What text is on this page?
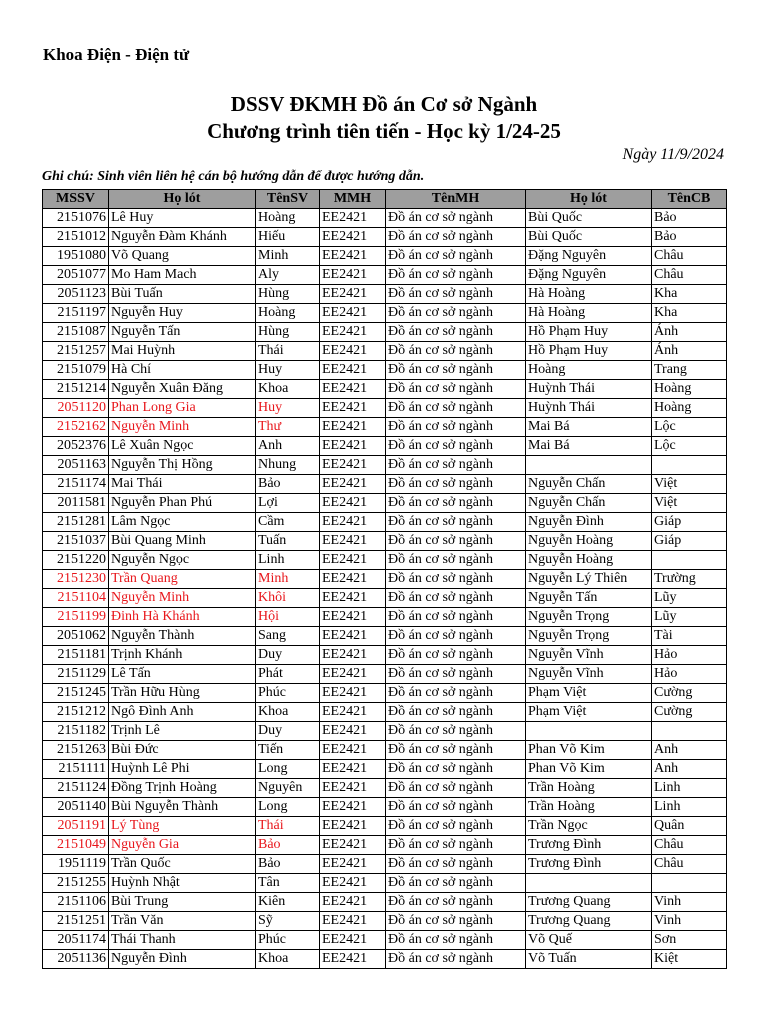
Khoa Điện - Điện tử
DSSV ĐKMH Đồ án Cơ sở Ngành
Chương trình tiên tiến - Học kỳ 1/24-25
Ngày 11/9/2024
Ghi chú: Sinh viên liên hệ cán bộ hướng dẫn để được hướng dẫn.
MSSV	Họ lót	TênSV	MMH	TênMH	Họ lót	TênCB
2151076	Lê Huy	Hoàng	EE2421	Đồ án cơ sở ngành	Bùi Quốc	Bảo
2151012	Nguyễn Đàm Khánh	Hiếu	EE2421	Đồ án cơ sở ngành	Bùi Quốc	Bảo
1951080	Võ Quang	Minh	EE2421	Đồ án cơ sở ngành	Đặng Nguyên	Châu
2051077	Mo Ham Mach	Aly	EE2421	Đồ án cơ sở ngành	Đặng Nguyên	Châu
2051123	Bùi Tuấn	Hùng	EE2421	Đồ án cơ sở ngành	Hà Hoàng	Kha
2151197	Nguyễn Huy	Hoàng	EE2421	Đồ án cơ sở ngành	Hà Hoàng	Kha
2151087	Nguyễn Tấn	Hùng	EE2421	Đồ án cơ sở ngành	Hồ Phạm Huy	Ánh
2151257	Mai Huỳnh	Thái	EE2421	Đồ án cơ sở ngành	Hồ Phạm Huy	Ánh
2151079	Hà Chí	Huy	EE2421	Đồ án cơ sở ngành	Hoàng	Trang
2151214	Nguyễn Xuân Đăng	Khoa	EE2421	Đồ án cơ sở ngành	Huỳnh Thái	Hoàng
2051120	Phan Long Gia	Huy	EE2421	Đồ án cơ sở ngành	Huỳnh Thái	Hoàng
2152162	Nguyễn Minh	Thư	EE2421	Đồ án cơ sở ngành	Mai Bá	Lộc
2052376	Lê Xuân Ngọc	Anh	EE2421	Đồ án cơ sở ngành	Mai Bá	Lộc
2051163	Nguyễn Thị Hồng	Nhung	EE2421	Đồ án cơ sở ngành		
2151174	Mai Thái	Bảo	EE2421	Đồ án cơ sở ngành	Nguyễn Chấn	Việt
2011581	Nguyễn Phan Phú	Lợi	EE2421	Đồ án cơ sở ngành	Nguyễn Chấn	Việt
2151281	Lâm Ngọc	Cầm	EE2421	Đồ án cơ sở ngành	Nguyễn Đình	Giáp
2151037	Bùi Quang Minh	Tuấn	EE2421	Đồ án cơ sở ngành	Nguyễn Hoàng	Giáp
2151220	Nguyễn Ngọc	Linh	EE2421	Đồ án cơ sở ngành	Nguyễn Hoàng	
2151230	Trần Quang	Minh	EE2421	Đồ án cơ sở ngành	Nguyễn Lý Thiên	Trường
2151104	Nguyễn Minh	Khôi	EE2421	Đồ án cơ sở ngành	Nguyễn Tấn	Lũy
2151199	Đinh Hà Khánh	Hội	EE2421	Đồ án cơ sở ngành	Nguyễn Trọng	Lũy
2051062	Nguyễn Thành	Sang	EE2421	Đồ án cơ sở ngành	Nguyễn Trọng	Tài
2151181	Trịnh Khánh	Duy	EE2421	Đồ án cơ sở ngành	Nguyễn Vĩnh	Hảo
2151129	Lê Tấn	Phát	EE2421	Đồ án cơ sở ngành	Nguyễn Vĩnh	Hảo
2151245	Trần Hữu Hùng	Phúc	EE2421	Đồ án cơ sở ngành	Phạm Việt	Cường
2151212	Ngô Đình Anh	Khoa	EE2421	Đồ án cơ sở ngành	Phạm Việt	Cường
2151182	Trịnh Lê	Duy	EE2421	Đồ án cơ sở ngành		
2151263	Bùi Đức	Tiến	EE2421	Đồ án cơ sở ngành	Phan Võ Kim	Anh
2151111	Huỳnh Lê Phi	Long	EE2421	Đồ án cơ sở ngành	Phan Võ Kim	Anh
2151124	Đồng Trịnh Hoàng	Nguyên	EE2421	Đồ án cơ sở ngành	Trần Hoàng	Linh
2051140	Bùi Nguyễn Thành	Long	EE2421	Đồ án cơ sở ngành	Trần Hoàng	Linh
2051191	Lý Tùng	Thái	EE2421	Đồ án cơ sở ngành	Trần Ngọc	Quân
2151049	Nguyễn Gia	Bảo	EE2421	Đồ án cơ sở ngành	Trương Đình	Châu
1951119	Trần Quốc	Bảo	EE2421	Đồ án cơ sở ngành	Trương Đình	Châu
2151255	Huỳnh Nhật	Tân	EE2421	Đồ án cơ sở ngành		
2151106	Bùi Trung	Kiên	EE2421	Đồ án cơ sở ngành	Trương Quang	Vinh
2151251	Trần Văn	Sỹ	EE2421	Đồ án cơ sở ngành	Trương Quang	Vinh
2051174	Thái Thanh	Phúc	EE2421	Đồ án cơ sở ngành	Võ Quế	Sơn
2051136	Nguyễn Đình	Khoa	EE2421	Đồ án cơ sở ngành	Võ Tuấn	Kiệt
